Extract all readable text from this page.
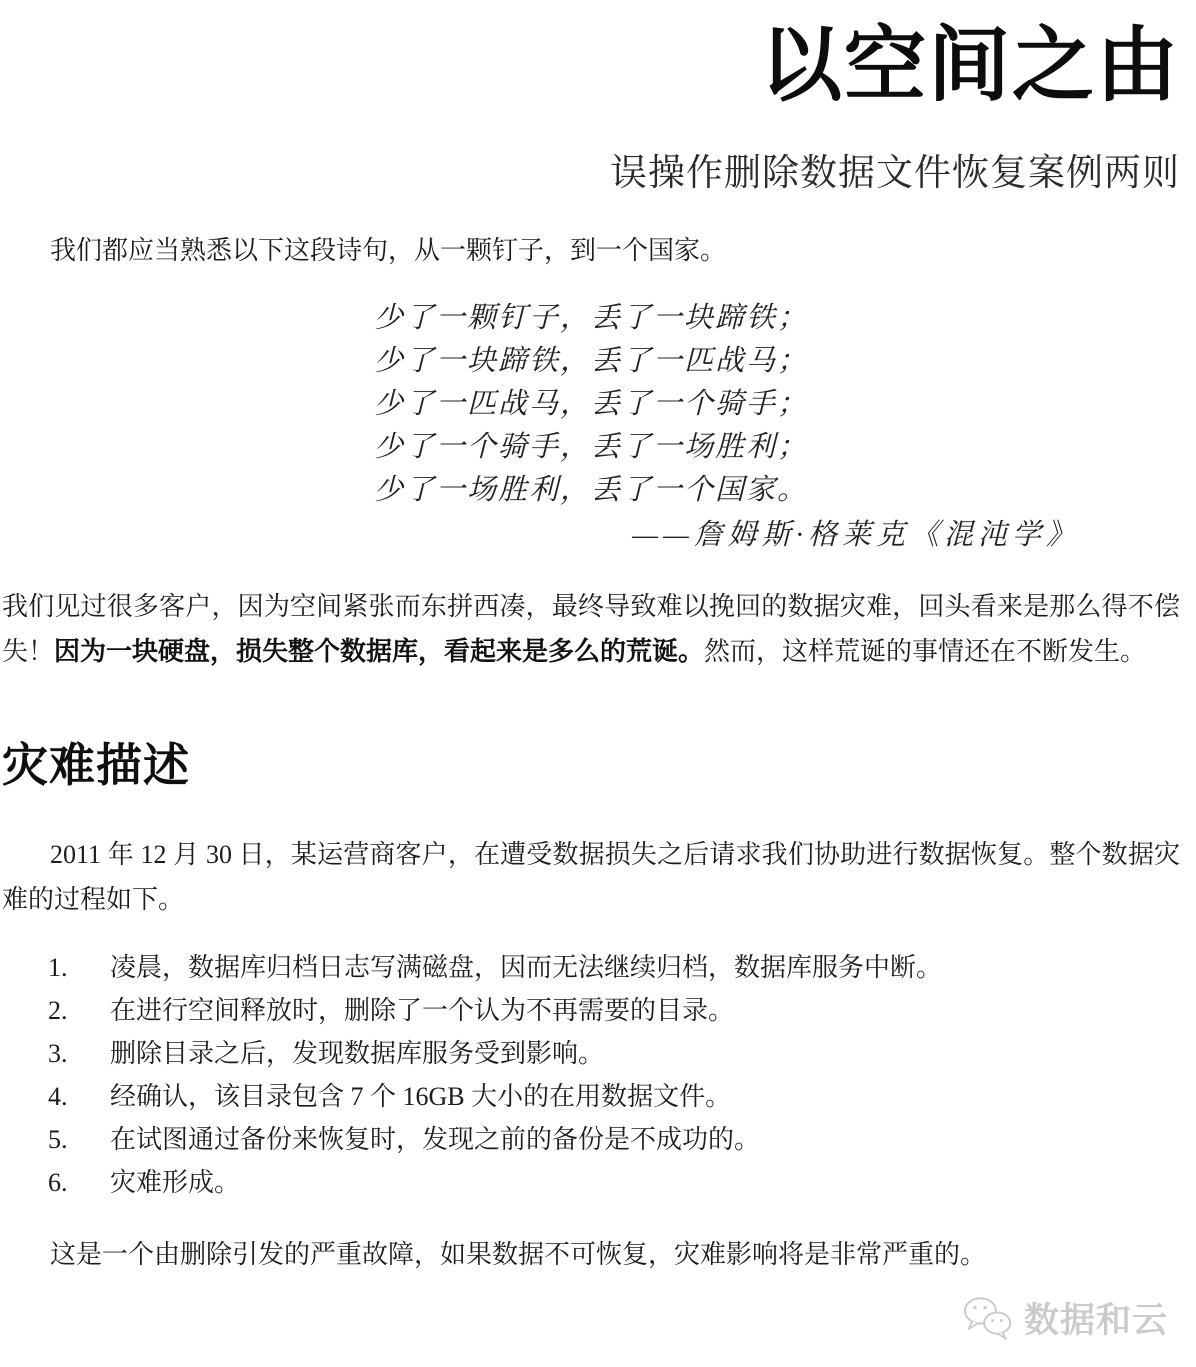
以空间之由
误操作删除数据文件恢复案例两则

我们都应当熟悉以下这段诗句，从一颗钉子，到一个国家。

少了一颗钉子，丢了一块蹄铁；
少了一块蹄铁，丢了一匹战马；
少了一匹战马，丢了一个骑手；
少了一个骑手，丢了一场胜利；
少了一场胜利，丢了一个国家。
——詹姆斯·格莱克《混沌学》

我们见过很多客户，因为空间紧张而东拼西凑，最终导致难以挽回的数据灾难，回头看来是那么得不偿失！因为一块硬盘，损失整个数据库，看起来是多么的荒诞。然而，这样荒诞的事情还在不断发生。

灾难描述

2011 年 12 月 30 日，某运营商客户，在遭受数据损失之后请求我们协助进行数据恢复。整个数据灾难的过程如下。

1.	凌晨，数据库归档日志写满磁盘，因而无法继续归档，数据库服务中断。
2.	在进行空间释放时，删除了一个认为不再需要的目录。
3.	删除目录之后，发现数据库服务受到影响。
4.	经确认，该目录包含 7 个 16GB 大小的在用数据文件。
5.	在试图通过备份来恢复时，发现之前的备份是不成功的。
6.	灾难形成。

这是一个由删除引发的严重故障，如果数据不可恢复，灾难影响将是非常严重的。

数据和云
